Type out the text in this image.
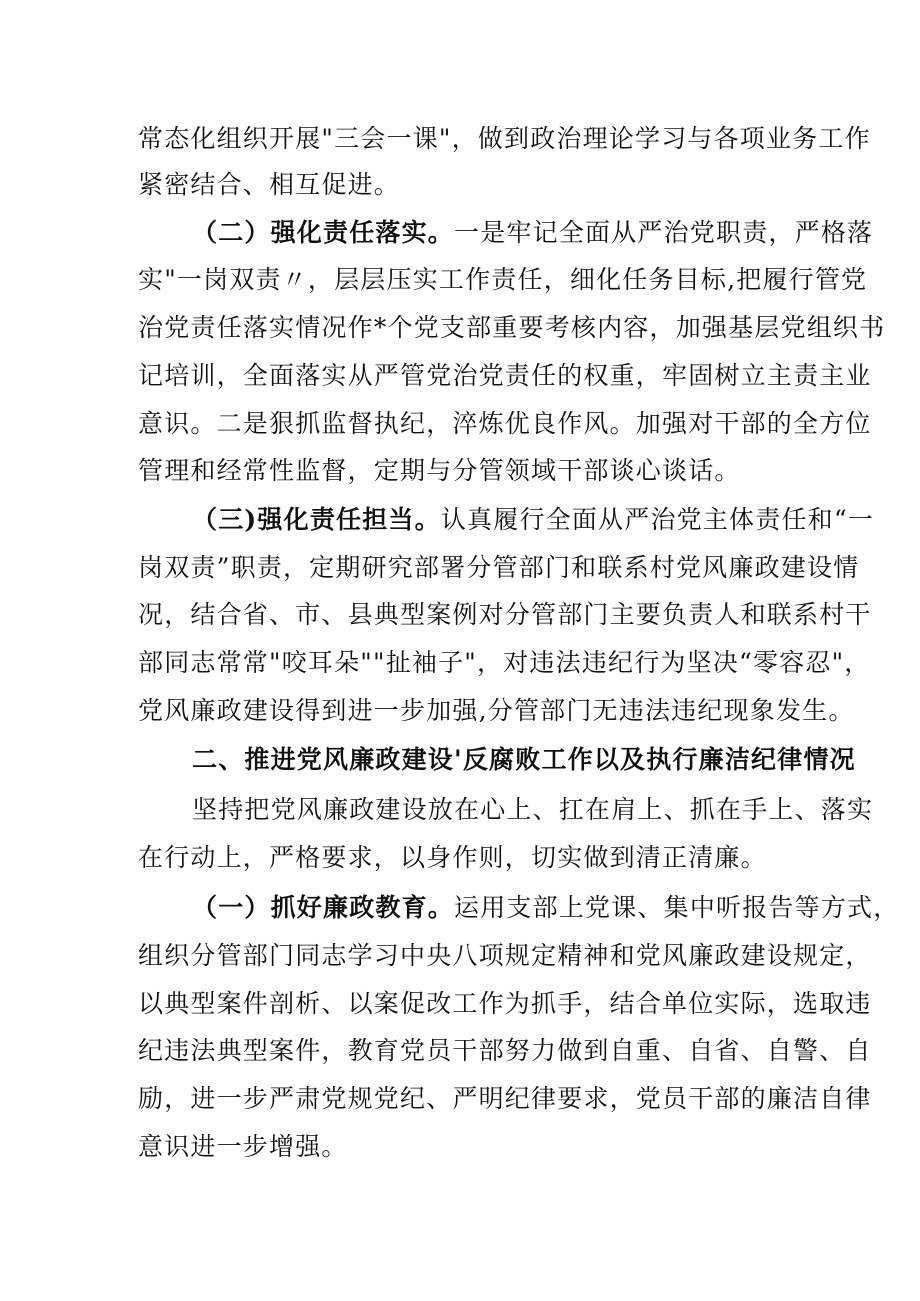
常态化组织开展"三会一课"，做到政治理论学习与各项业务工作
紧密结合、相互促进。
（二）强化责任落实。一是牢记全面从严治党职责，严格落
实"一岗双责〃，层层压实工作责任，细化任务目标,把履行管党
治党责任落实情况作*个党支部重要考核内容，加强基层党组织书
记培训，全面落实从严管党治党责任的权重，牢固树立主责主业
意识。二是狠抓监督执纪，淬炼优良作风。加强对干部的全方位
管理和经常性监督，定期与分管领域干部谈心谈话。
（三)强化责任担当。认真履行全面从严治党主体责任和“一
岗双责”职责，定期研究部署分管部门和联系村党风廉政建设情
况，结合省、市、县典型案例对分管部门主要负责人和联系村干
部同志常常"咬耳朵""扯袖子"，对违法违纪行为坚决“零容忍"，
党风廉政建设得到进一步加强,分管部门无违法违纪现象发生。
二、推进党风廉政建设'反腐败工作以及执行廉洁纪律情况
坚持把党风廉政建设放在心上、扛在肩上、抓在手上、落实
在行动上，严格要求，以身作则，切实做到清正清廉。
（一）抓好廉政教育。运用支部上党课、集中听报告等方式，
组织分管部门同志学习中央八项规定精神和党风廉政建设规定，
以典型案件剖析、以案促改工作为抓手，结合单位实际，选取违
纪违法典型案件，教育党员干部努力做到自重、自省、自警、自
励，进一步严肃党规党纪、严明纪律要求，党员干部的廉洁自律
意识进一步增强。
